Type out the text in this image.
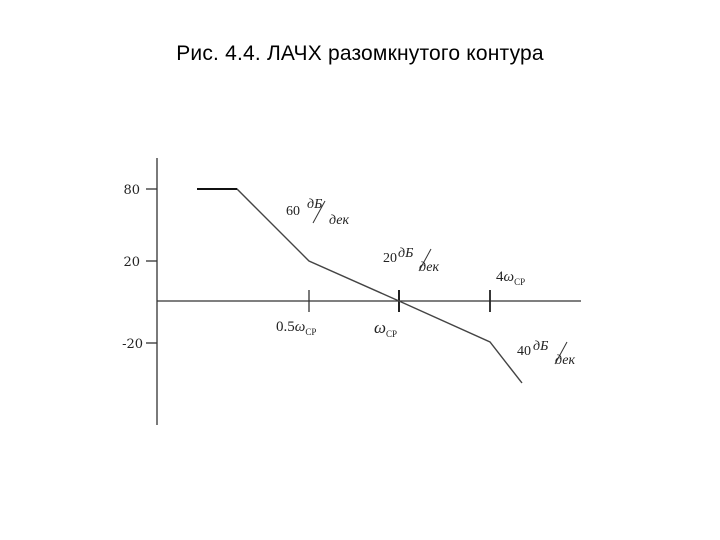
Рис. 4.4. ЛАЧХ разомкнутого контура
80
20
-20
$0.5\omega_{СР}$	$\omega_{СР}$
$4\omega_{СР}$
60 дБ
дек
20 дБ
дек
40 дБ
дек
